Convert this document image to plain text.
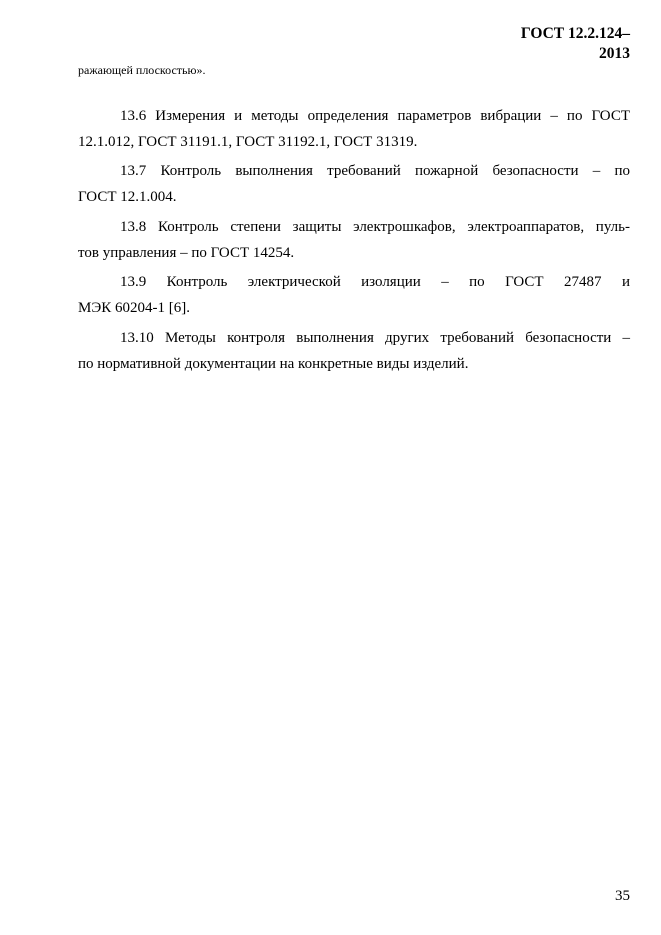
ГОСТ 12.2.124–
2013
ражающей плоскостью».
13.6 Измерения и методы определения параметров вибрации – по ГОСТ
12.1.012, ГОСТ 31191.1, ГОСТ 31192.1, ГОСТ 31319.
13.7 Контроль выполнения требований пожарной безопасности – по
ГОСТ 12.1.004.
13.8 Контроль степени защиты электрошкафов, электроаппаратов, пуль-
тов управления – по ГОСТ 14254.
13.9 Контроль электрической изоляции – по ГОСТ 27487 и
МЭК 60204-1 [6].
13.10 Методы контроля выполнения других требований безопасности –
по нормативной документации на конкретные виды изделий.
35
